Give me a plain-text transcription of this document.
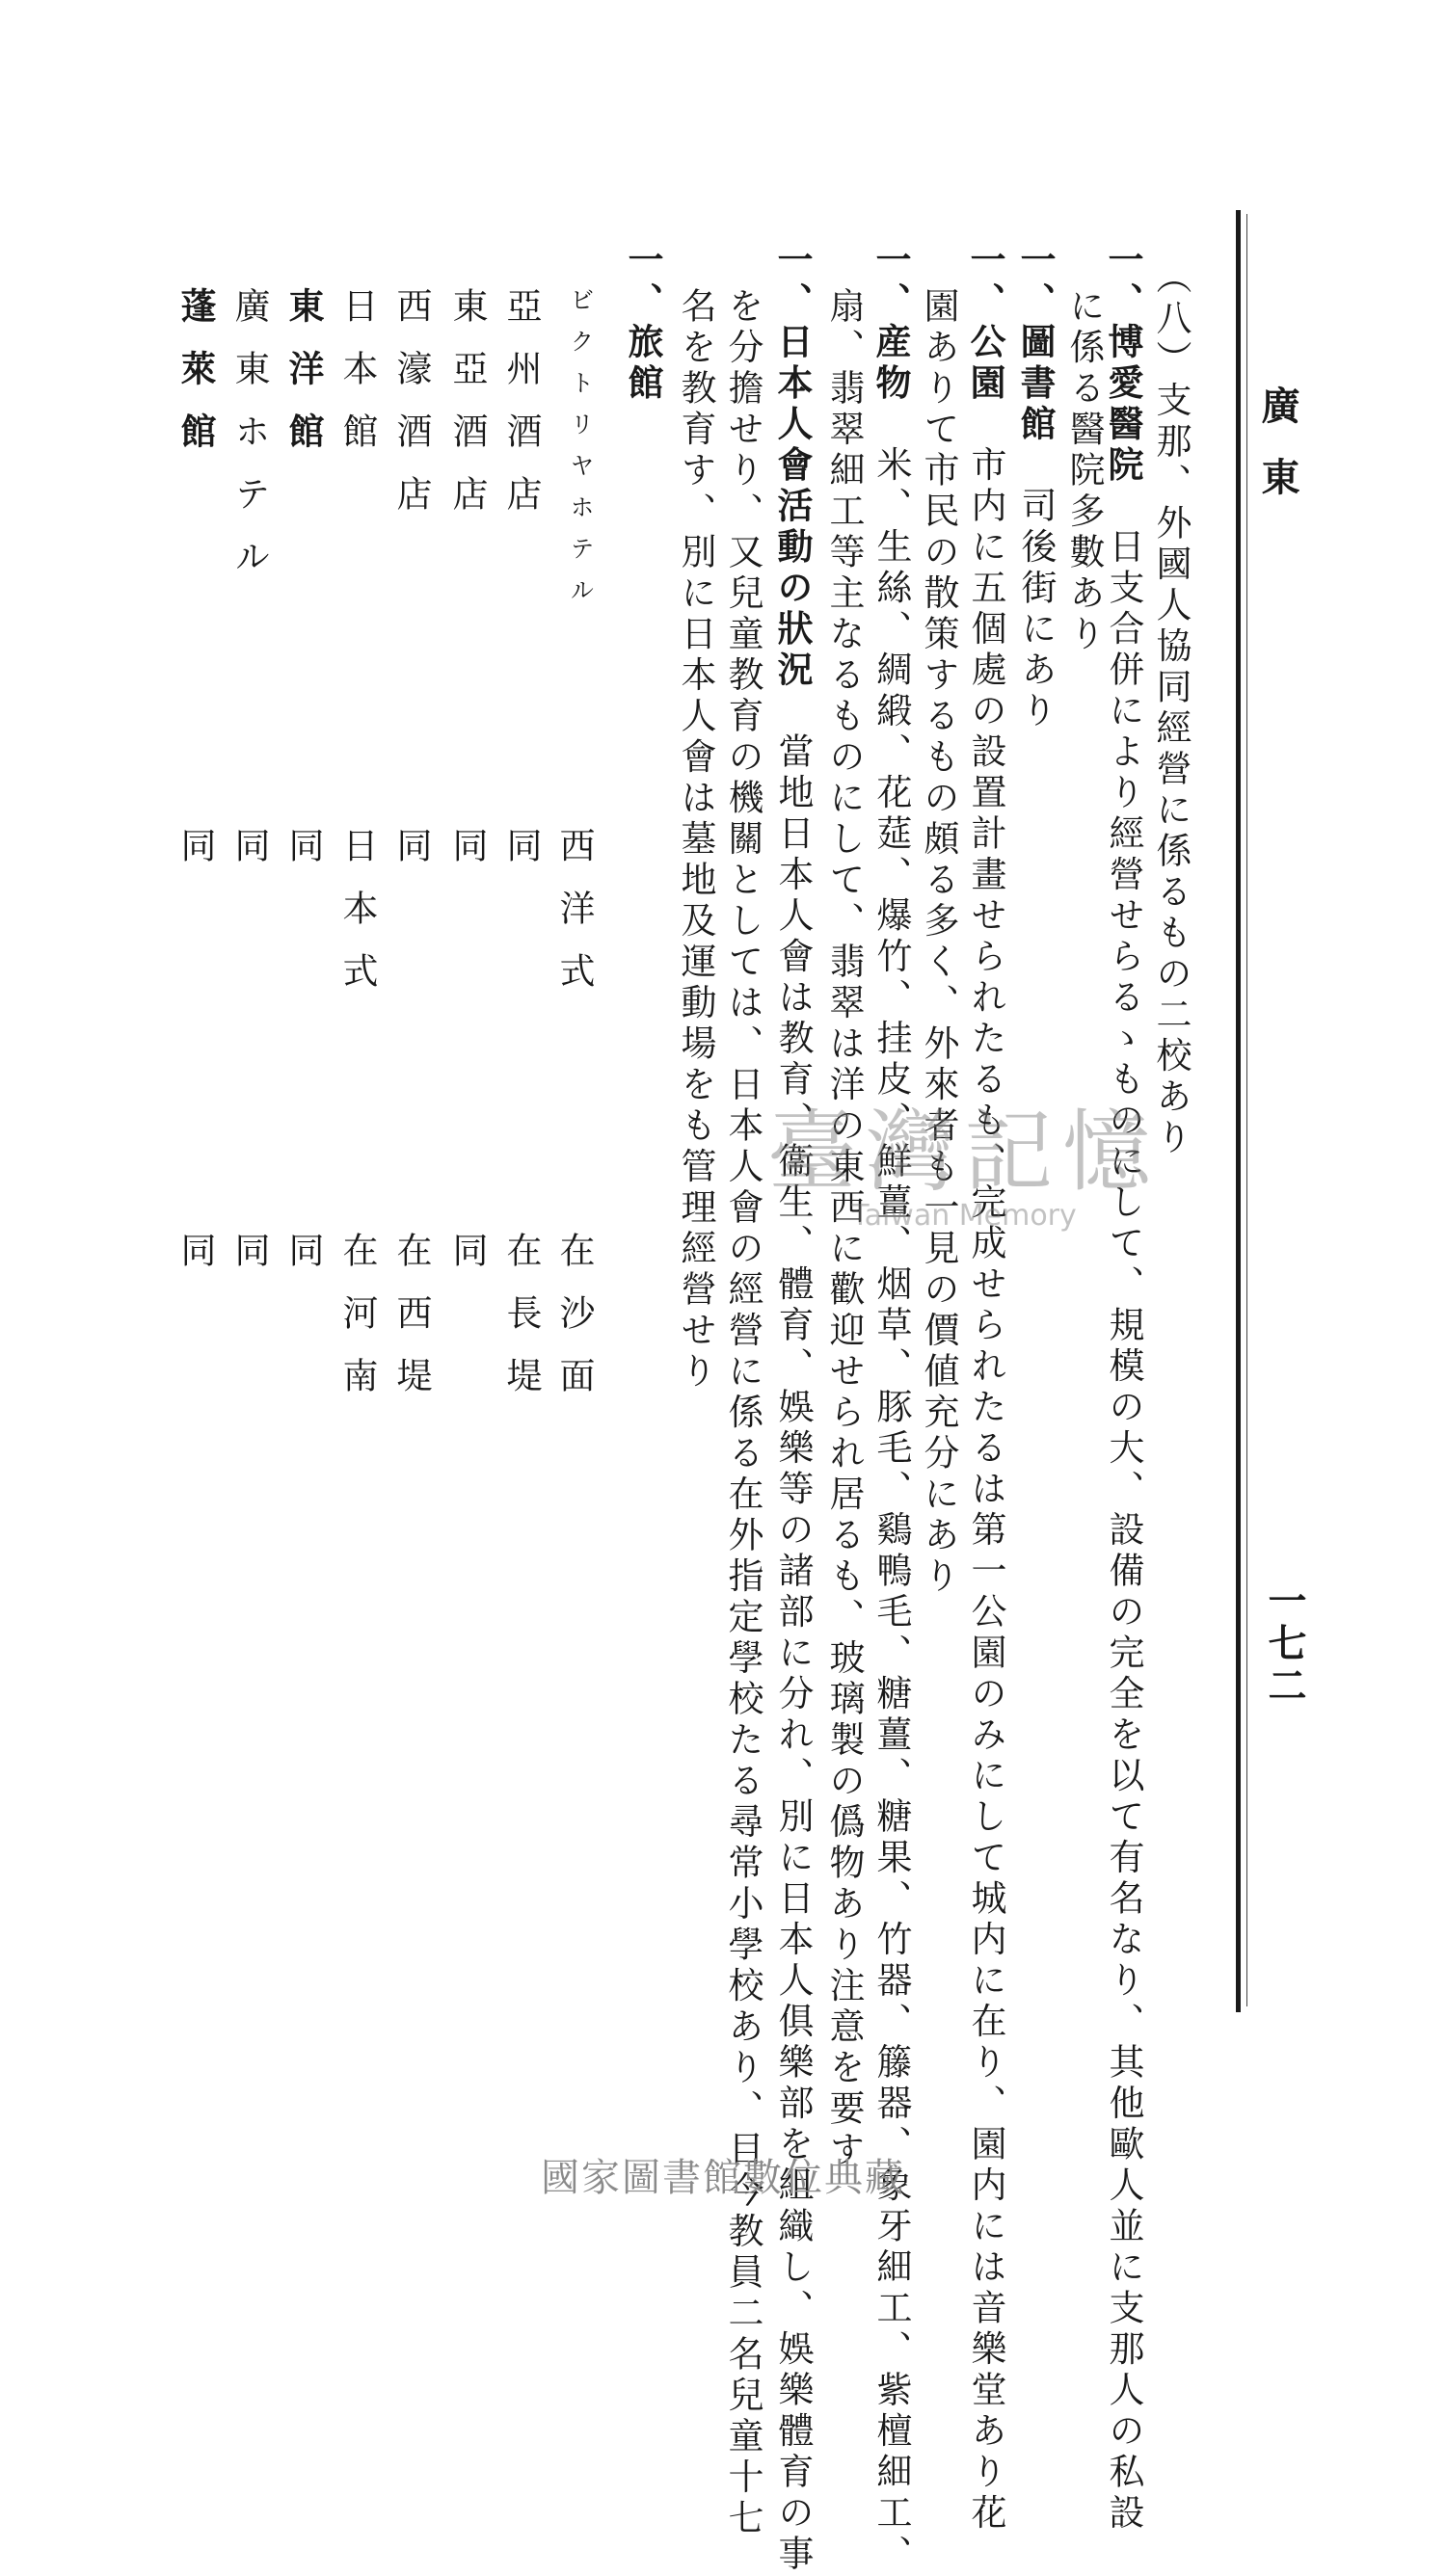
廣東
一七二
（八）支那、外國人協同經營に係るもの二校あり
一、博愛醫院　日支合併により經營せらるゝものにして、規模の大、設備の完全を以て有名なり、其他歐人並に支那人の私設
に係る醫院多數あり
一、圖書館　司後街にあり
一、公園　市内に五個處の設置計畫せられたるも、完成せられたるは第一公園のみにして城内に在り、園内には音樂堂あり花
園ありて市民の散策するもの頗る多く、外來者も一見の價値充分にあり
一、産物　米、生絲、綢緞、花莚、爆竹、挂皮、鮮薑、烟草、豚毛、鷄鴨毛、糖薑、糖果、竹器、籐器、象牙細工、紫檀細工、
扇、翡翠細工等主なるものにして、翡翠は洋の東西に歡迎せられ居るも、玻璃製の僞物あり注意を要す
一、日本人會活動の狀況　當地日本人會は教育、衞生、體育、娛樂等の諸部に分れ、別に日本人俱樂部を組織し、娛樂體育の事
を分擔せり、又兒童教育の機關としては、日本人會の經營に係る在外指定學校たる尋常小學校あり、目今教員二名兒童十七
名を教育す、別に日本人會は墓地及運動場をも管理經營せり
一、旅館
ビクトリヤホテル
西洋式
在沙面
亞州酒店
同
在長堤
東亞酒店
同
同
西濠酒店
同
在西堤
日本館
日本式
在河南
東洋館
同
同
廣東ホテル
同
同
蓬萊館
同
同
臺灣記憶
Taiwan Memory
國家圖書館數位典藏
